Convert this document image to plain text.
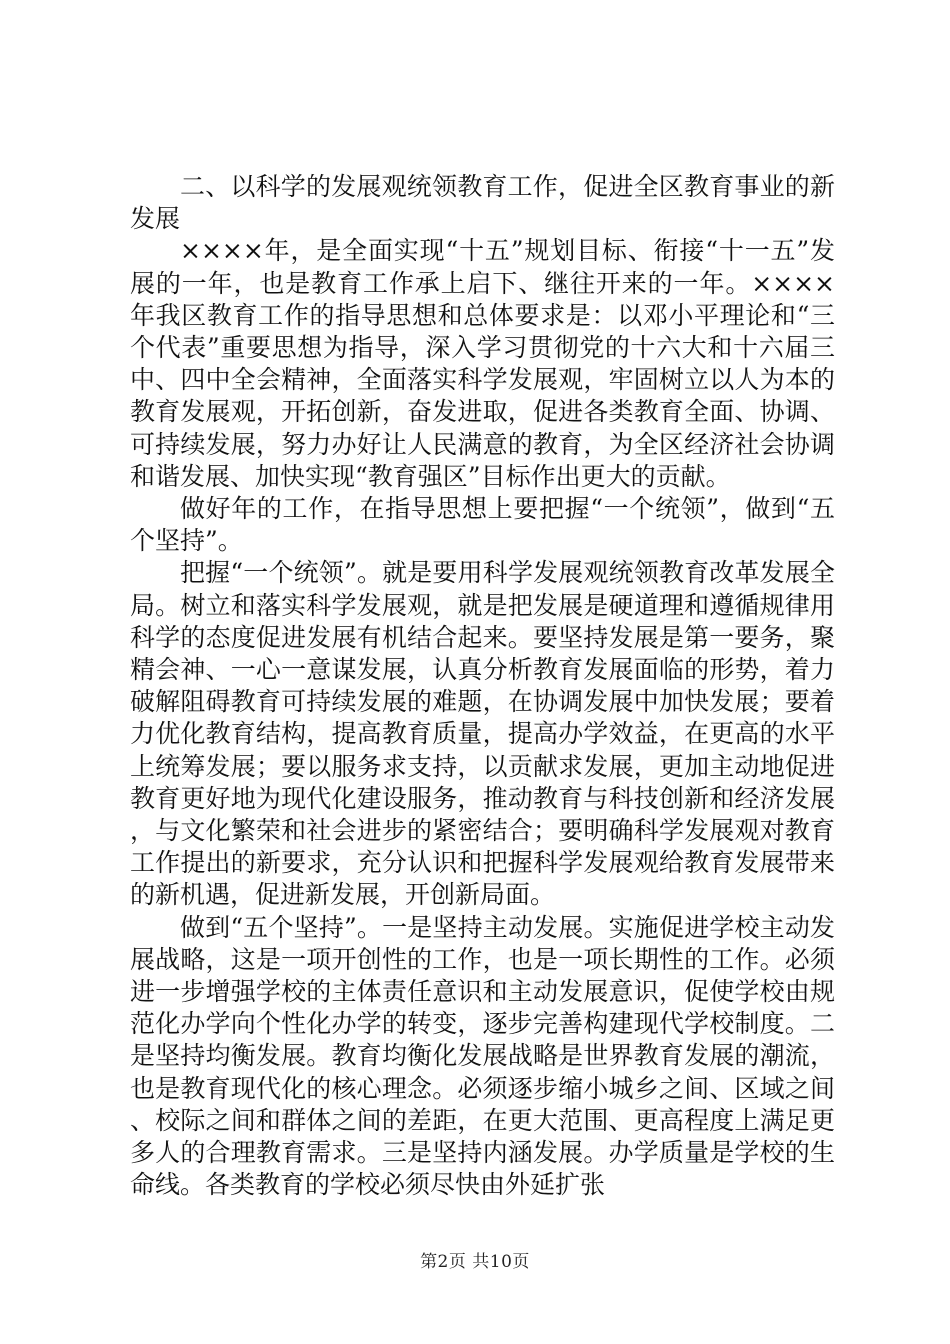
二、以科学的发展观统领教育工作，促进全区教育事业的新发展

××××年，是全面实现“十五”规划目标、衔接“十一五”发展的一年，也是教育工作承上启下、继往开来的一年。××××年我区教育工作的指导思想和总体要求是：以邓小平理论和“三个代表”重要思想为指导，深入学习贯彻党的十六大和十六届三中、四中全会精神，全面落实科学发展观，牢固树立以人为本的教育发展观，开拓创新，奋发进取，促进各类教育全面、协调、可持续发展，努力办好让人民满意的教育，为全区经济社会协调和谐发展、加快实现“教育强区”目标作出更大的贡献。

做好年的工作，在指导思想上要把握“一个统领”，做到“五个坚持”。

把握“一个统领”。就是要用科学发展观统领教育改革发展全局。树立和落实科学发展观，就是把发展是硬道理和遵循规律用科学的态度促进发展有机结合起来。要坚持发展是第一要务，聚精会神、一心一意谋发展，认真分析教育发展面临的形势，着力破解阻碍教育可持续发展的难题，在协调发展中加快发展；要着力优化教育结构，提高教育质量，提高办学效益，在更高的水平上统筹发展；要以服务求支持，以贡献求发展，更加主动地促进教育更好地为现代化建设服务，推动教育与科技创新和经济发展，与文化繁荣和社会进步的紧密结合；要明确科学发展观对教育工作提出的新要求，充分认识和把握科学发展观给教育发展带来的新机遇，促进新发展，开创新局面。

做到“五个坚持”。一是坚持主动发展。实施促进学校主动发展战略，这是一项开创性的工作，也是一项长期性的工作。必须进一步增强学校的主体责任意识和主动发展意识，促使学校由规范化办学向个性化办学的转变，逐步完善构建现代学校制度。二是坚持均衡发展。教育均衡化发展战略是世界教育发展的潮流，也是教育现代化的核心理念。必须逐步缩小城乡之间、区域之间、校际之间和群体之间的差距，在更大范围、更高程度上满足更多人的合理教育需求。三是坚持内涵发展。办学质量是学校的生命线。各类教育的学校必须尽快由外延扩张

第2页 共10页
